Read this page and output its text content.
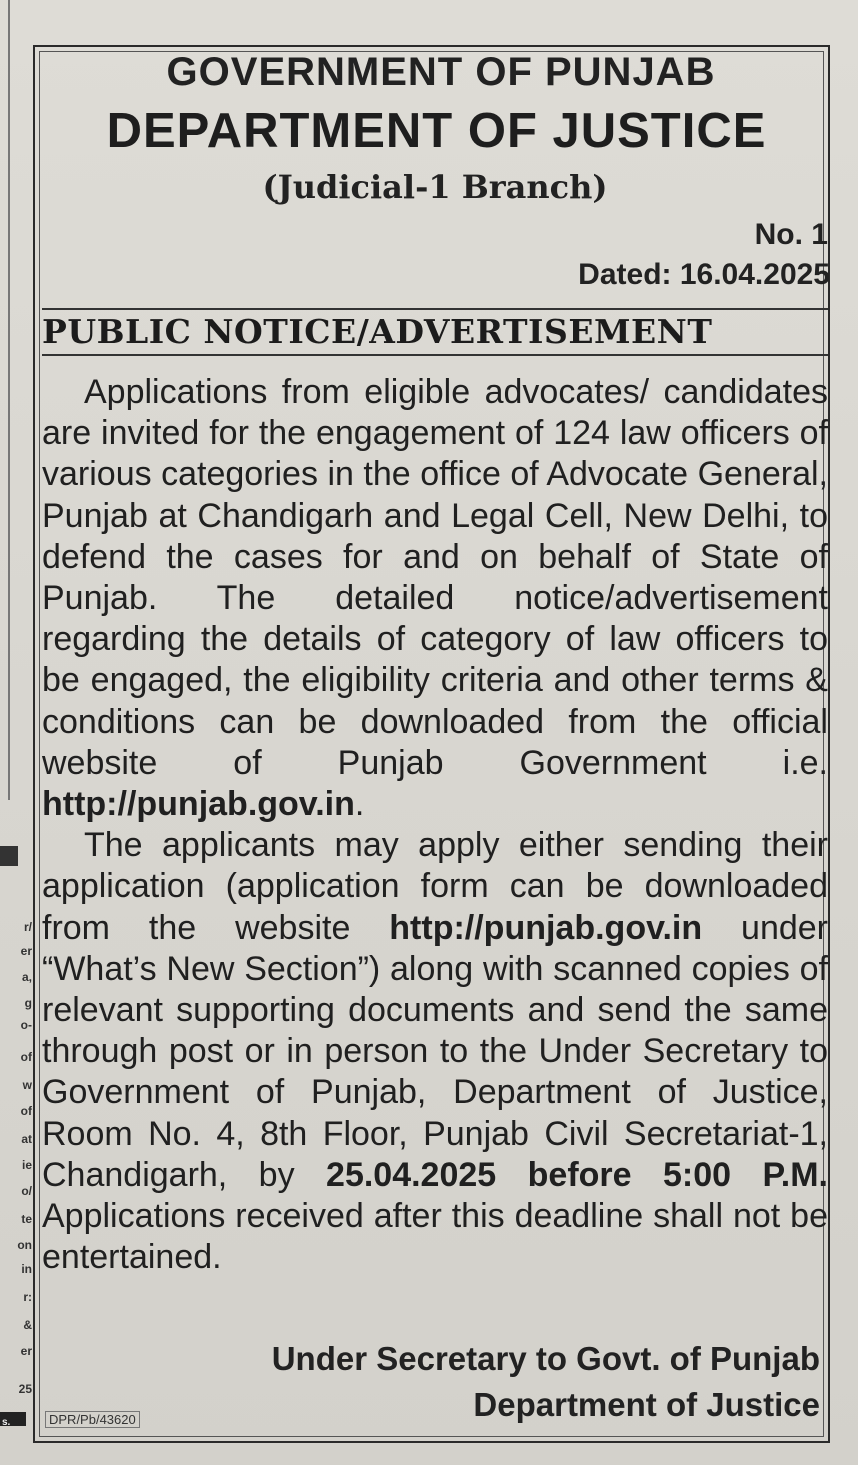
r/
er
a,
g
o-
of
w
of
at
ie
o/
te
on
in
r:
&
er
25
s.
GOVERNMENT OF PUNJAB
DEPARTMENT OF JUSTICE
(Judicial-1 Branch)
No. 1
Dated: 16.04.2025
PUBLIC NOTICE/ADVERTISEMENT

Applications from eligible advocates/ candidates are invited for the engagement of 124 law officers of various categories in the office of Advocate General, Punjab at Chandigarh and Legal Cell, New Delhi, to defend the cases for and on behalf of State of Punjab. The detailed notice/advertisement regarding the details of category of law officers to be engaged, the eligibility criteria and other terms & conditions can be downloaded from the official website of Punjab Government i.e. http://punjab.gov.in.

The applicants may apply either sending their application (application form can be downloaded from the website http://punjab.gov.in under “What’s New Section”) along with scanned copies of relevant supporting documents and send the same through post or in person to the Under Secretary to Government of Punjab, Department of Justice, Room No. 4, 8th Floor, Punjab Civil Secretariat-1, Chandigarh, by 25.04.2025 before 5:00 P.M. Applications received after this deadline shall not be entertained.

Under Secretary to Govt. of Punjab
Department of Justice
DPR/Pb/43620
